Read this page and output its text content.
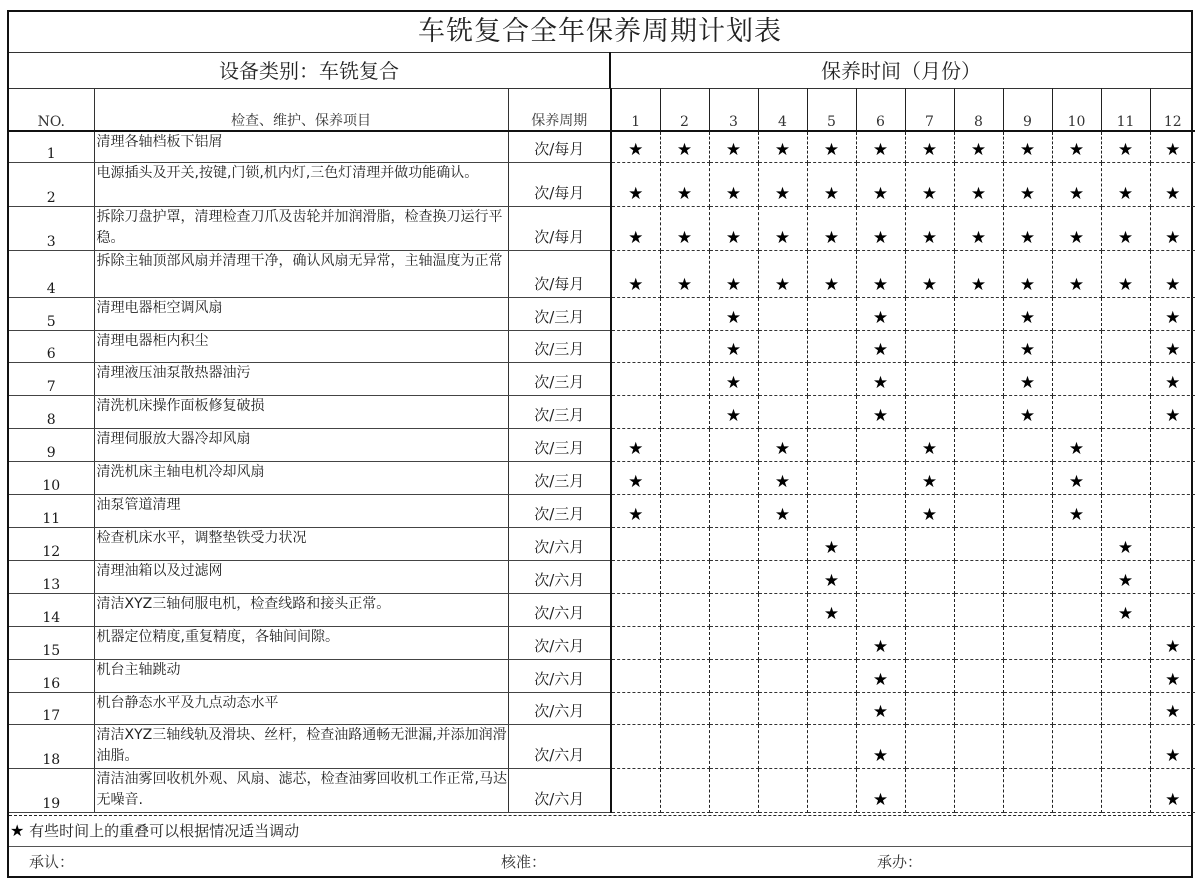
车铣复合全年保养周期计划表
设备类别：车铣复合	保养时间（月份）
NO.	检查、维护、保养项目	保养周期	1	2	3	4	5	6	7	8	9	10	11	12
1	清理各轴档板下铝屑	次/每月	★	★	★	★	★	★	★	★	★	★	★	★
2	电源插头及开关,按键,门锁,机内灯,三色灯清理并做功能确认。	次/每月	★	★	★	★	★	★	★	★	★	★	★	★
3	拆除刀盘护罩，清理检查刀爪及齿轮并加润滑脂，检查换刀运行平稳。	次/每月	★	★	★	★	★	★	★	★	★	★	★	★
4	拆除主轴顶部风扇并清理干净，确认风扇无异常，主轴温度为正常	次/每月	★	★	★	★	★	★	★	★	★	★	★	★
5	清理电器柜空调风扇	次/三月			★			★			★			★
6	清理电器柜内积尘	次/三月			★			★			★			★
7	清理液压油泵散热器油污	次/三月			★			★			★			★
8	清洗机床操作面板修复破损	次/三月			★			★			★			★
9	清理伺服放大器冷却风扇	次/三月	★			★			★			★		
10	清洗机床主轴电机冷却风扇	次/三月	★			★			★			★		
11	油泵管道清理	次/三月	★			★			★			★		
12	检查机床水平，调整垫铁受力状况	次/六月					★						★	
13	清理油箱以及过滤网	次/六月					★						★	
14	清洁XYZ三轴伺服电机，检查线路和接头正常。	次/六月					★						★	
15	机器定位精度,重复精度，各轴间间隙。	次/六月						★						★
16	机台主轴跳动	次/六月						★						★
17	机台静态水平及九点动态水平	次/六月						★						★
18	清洁XYZ三轴线轨及滑块、丝杆，检查油路通畅无泄漏,并添加润滑油脂。	次/六月						★						★
19	清洁油雾回收机外观、风扇、滤芯，检查油雾回收机工作正常,马达无噪音.	次/六月						★						★
★ 有些时间上的重叠可以根据情况适当调动
承认：	核准：	承办：
